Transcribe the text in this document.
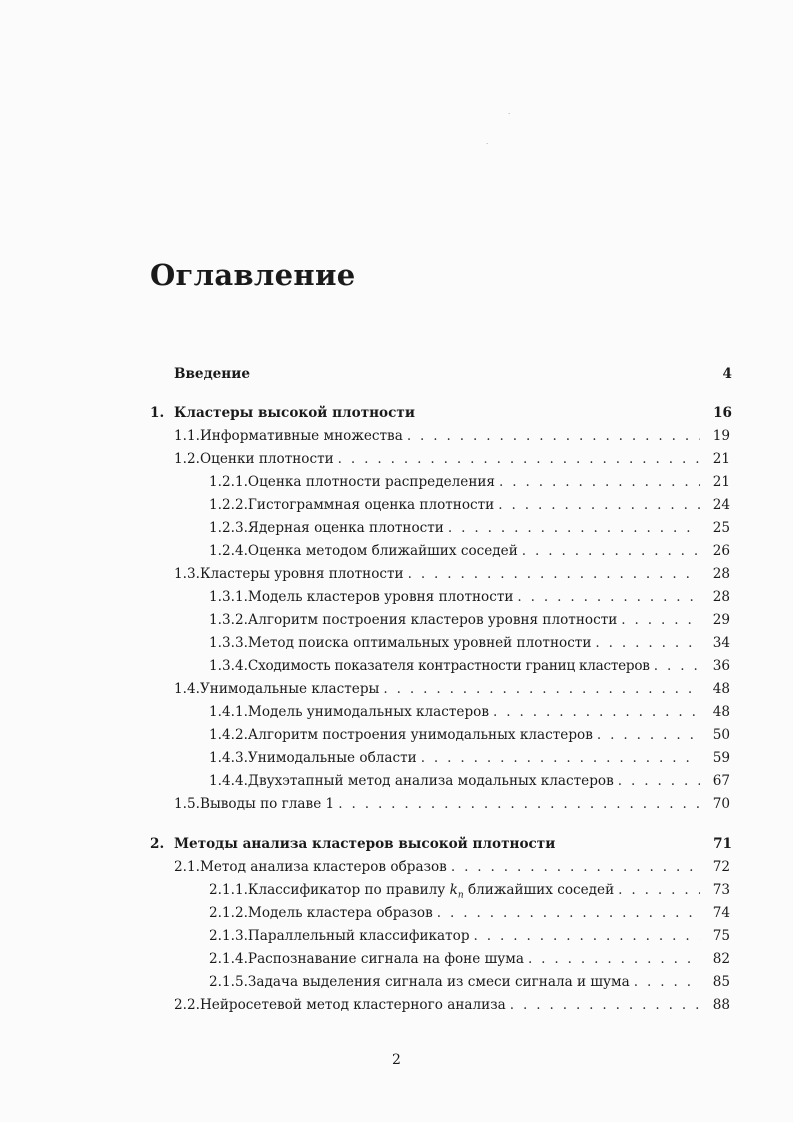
·
·
Оглавление
Введение	4
1. Кластеры высокой плотности	16
1.1. Информативные множества . . .	19
1.2. Оценки плотности . . .	21
1.2.1. Оценка плотности распределения . . .	21
1.2.2. Гистограммная оценка плотности . . .	24
1.2.3. Ядерная оценка плотности . . .	25
1.2.4. Оценка методом ближайших соседей . . .	26
1.3. Кластеры уровня плотности . . .	28
1.3.1. Модель кластеров уровня плотности . . .	28
1.3.2. Алгоритм построения кластеров уровня плотности . . .	29
1.3.3. Метод поиска оптимальных уровней плотности . . .	34
1.3.4. Сходимость показателя контрастности границ кластеров . . .	36
1.4. Унимодальные кластеры . . .	48
1.4.1. Модель унимодальных кластеров . . .	48
1.4.2. Алгоритм построения унимодальных кластеров . . .	50
1.4.3. Унимодальные области . . .	59
1.4.4. Двухэтапный метод анализа модальных кластеров . . .	67
1.5. Выводы по главе 1 . . .	70
2. Методы анализа кластеров высокой плотности	71
2.1. Метод анализа кластеров образов . . .	72
2.1.1. Классификатор по правилу $k_n$ ближайших соседей . . .	73
2.1.2. Модель кластера образов . . .	74
2.1.3. Параллельный классификатор . . .	75
2.1.4. Распознавание сигнала на фоне шума . . .	82
2.1.5. Задача выделения сигнала из смеси сигнала и шума . . .	85
2.2. Нейросетевой метод кластерного анализа . . .	88
2
